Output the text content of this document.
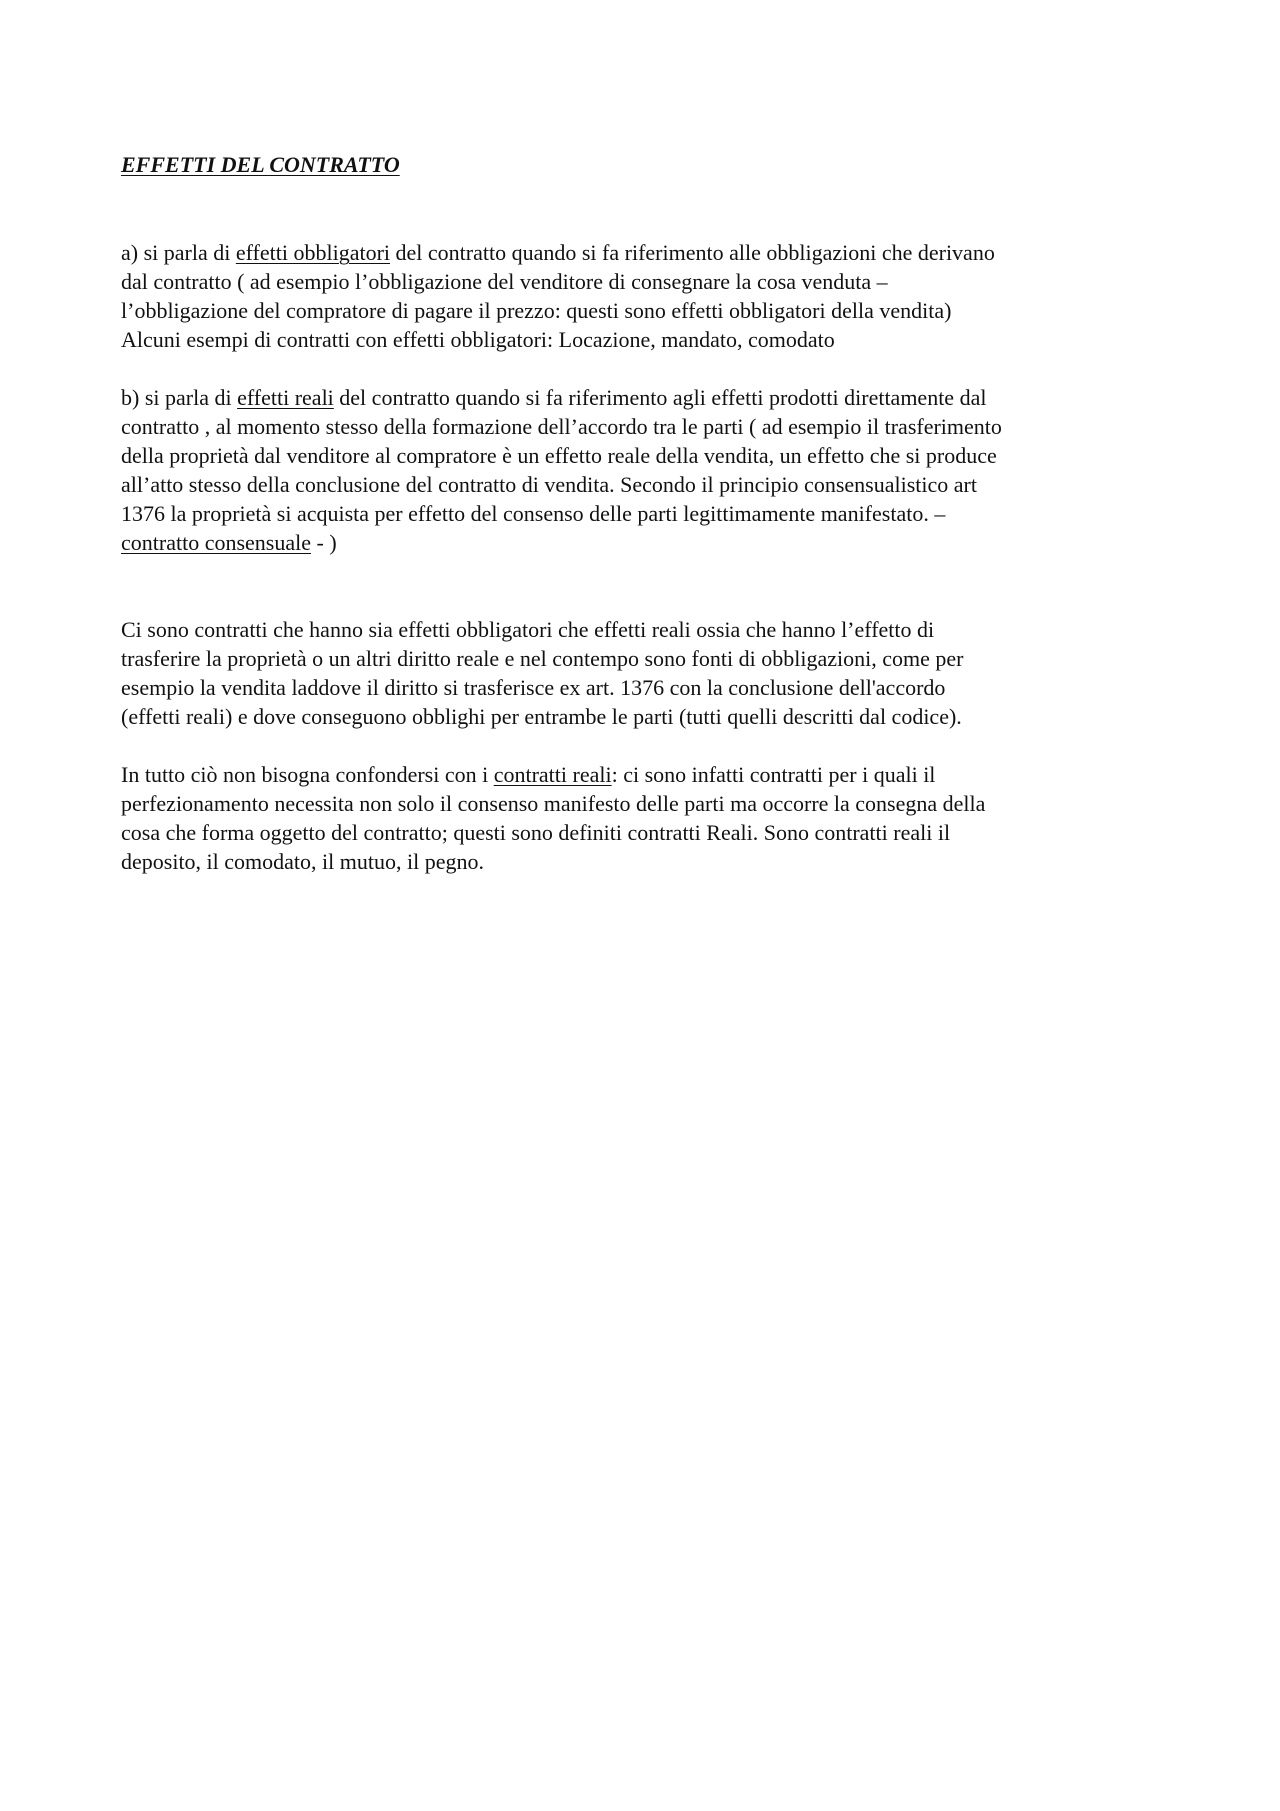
EFFETTI DEL CONTRATTO

a) si parla di effetti obbligatori del contratto quando si fa riferimento alle obbligazioni che derivano
dal contratto ( ad esempio l’obbligazione del venditore di consegnare la cosa venduta –
l’obbligazione del compratore di pagare il prezzo: questi sono effetti obbligatori della vendita)
Alcuni esempi di contratti con effetti obbligatori: Locazione, mandato, comodato

b) si parla di effetti reali del contratto quando si fa riferimento agli effetti prodotti direttamente dal
contratto , al momento stesso della formazione dell’accordo tra le parti ( ad esempio il trasferimento
della proprietà dal venditore al compratore è un effetto reale della vendita, un effetto che si produce
all’atto stesso della conclusione del contratto di vendita. Secondo il principio consensualistico art
1376 la proprietà si acquista per effetto del consenso delle parti legittimamente manifestato. –
contratto consensuale - )

Ci sono contratti che hanno sia effetti obbligatori che effetti reali ossia che hanno l’effetto di
trasferire la proprietà o un altri diritto reale e nel contempo sono fonti di obbligazioni, come per
esempio la vendita laddove il diritto si trasferisce ex art. 1376 con la conclusione dell'accordo
(effetti reali) e dove conseguono obblighi per entrambe le parti (tutti quelli descritti dal codice).

In tutto ciò non bisogna confondersi con i contratti reali: ci sono infatti contratti per i quali il
perfezionamento necessita non solo il consenso manifesto delle parti ma occorre la consegna della
cosa che forma oggetto del contratto; questi sono definiti contratti Reali. Sono contratti reali il
deposito, il comodato, il mutuo, il pegno.
